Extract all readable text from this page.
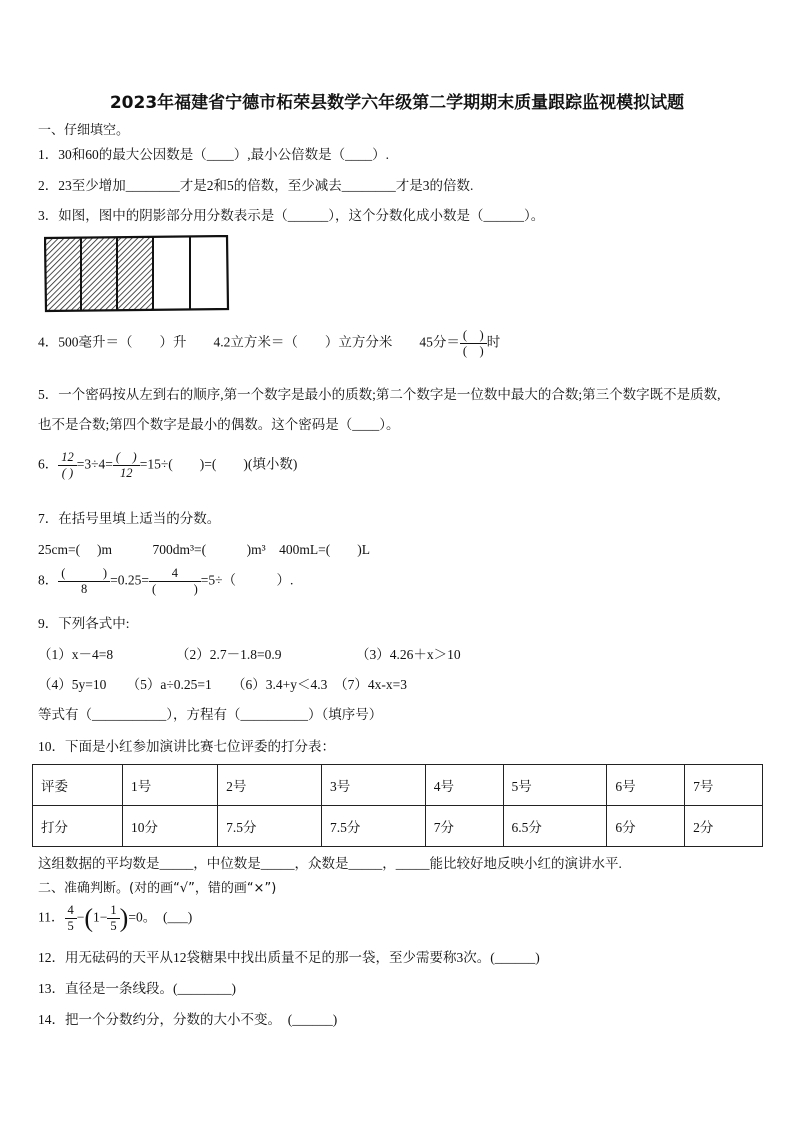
2023年福建省宁德市柘荣县数学六年级第二学期期末质量跟踪监视模拟试题
一、仔细填空。
1．30和60的最大公因数是（____）,最小公倍数是（____）.
2．23至少增加________才是2和5的倍数，至少减去________才是3的倍数.
3．如图，图中的阴影部分用分数表示是（______），这个分数化成小数是（______）。
4．500毫升＝（　　）升　　4.2立方米＝（　　）立方分米　　45分＝ $\frac{( )}{( )}$ 时
5．一个密码按从左到右的顺序,第一个数字是最小的质数;第二个数字是一位数中最大的合数;第三个数字既不是质数,
也不是合数;第四个数字是最小的偶数。这个密码是（____）。
6． $\frac{12}{( )} =3\div 4= \frac{( )}{12} =15\div$(　　)=(　　)(填小数)
7．在括号里填上适当的分数。
25cm=(　 )m　　　700dm³=(　　　)m³　400mL=(　　)L
8． $\frac{( )}{8} =0.25= \frac{4}{( )} =5\div$（　　　）.
9．下列各式中:
（1）x－4=8	（2）2.7－1.8=0.9	（3）4.26＋x＞10
（4）5y=10　　（5）a÷0.25=1　　（6）3.4+y＜4.3　（7）4x-x=3
等式有（___________），方程有（__________）（填序号）
10．下面是小红参加演讲比赛七位评委的打分表：
评委	1号	2号	3号	4号	5号	6号	7号
打分	10分	7.5分	7.5分	7分	6.5分	6分	2分
这组数据的平均数是_____，中位数是_____，众数是_____，_____能比较好地反映小红的演讲水平.
二、准确判断。(对的画“√”，错的画“×”)
11． $\frac{4}{5} -(1- \frac{1}{5} )=0$。　(___)
12．用无砝码的天平从12袋糖果中找出质量不足的那一袋，至少需要称3次。(______)
13．直径是一条线段。(________)
14．把一个分数约分，分数的大小不变。　(______)
